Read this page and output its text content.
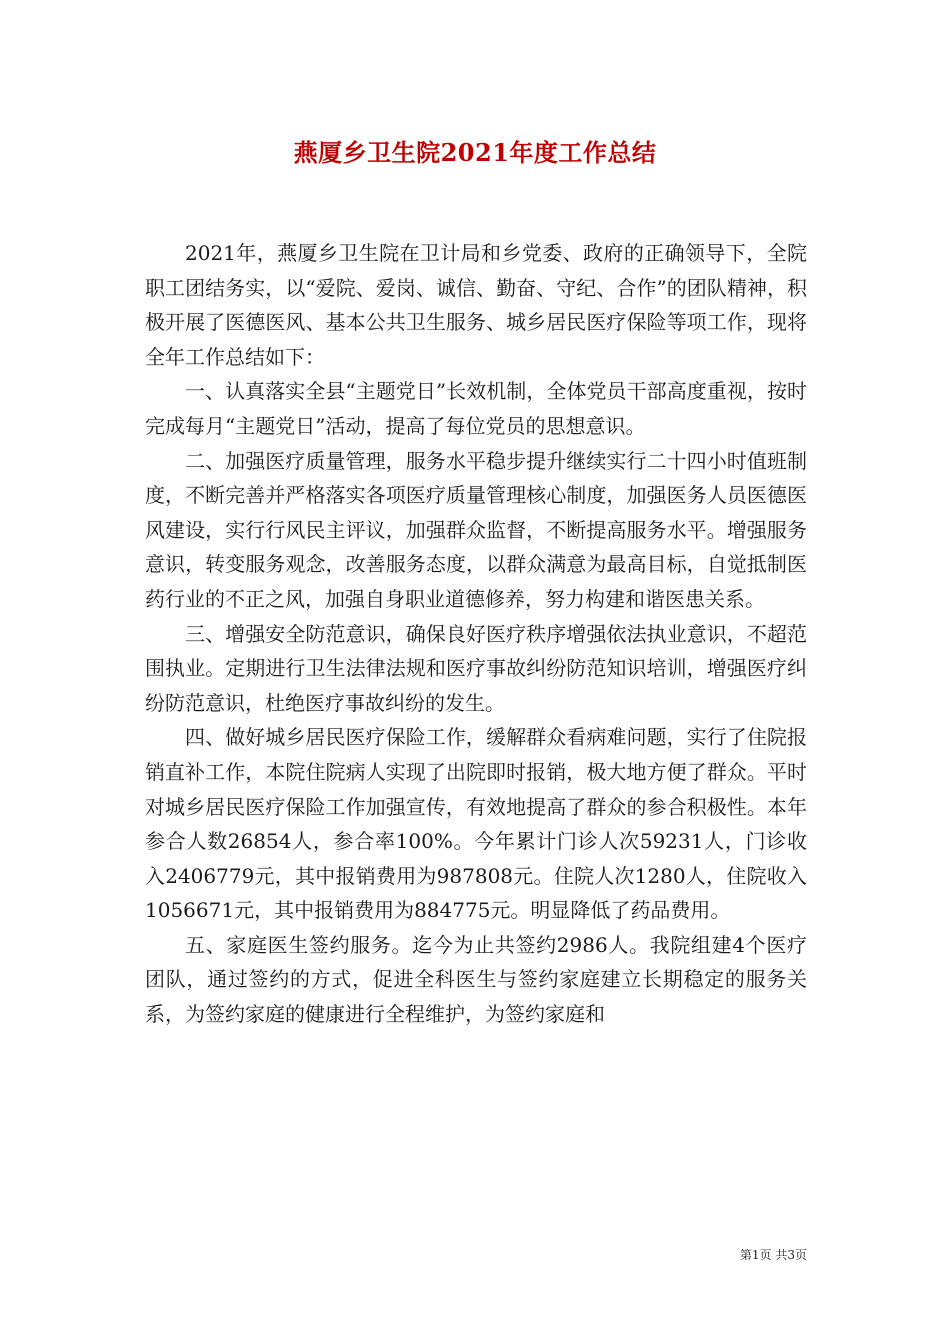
燕厦乡卫生院2021年度工作总结

2021年，燕厦乡卫生院在卫计局和乡党委、政府的正确领导下，全院职工团结务实，以“爱院、爱岗、诚信、勤奋、守纪、合作”的团队精神，积极开展了医德医风、基本公共卫生服务、城乡居民医疗保险等项工作，现将全年工作总结如下：

一、认真落实全县“主题党日”长效机制，全体党员干部高度重视，按时完成每月“主题党日”活动，提高了每位党员的思想意识。

二、加强医疗质量管理，服务水平稳步提升继续实行二十四小时值班制度，不断完善并严格落实各项医疗质量管理核心制度，加强医务人员医德医风建设，实行行风民主评议，加强群众监督，不断提高服务水平。增强服务意识，转变服务观念，改善服务态度，以群众满意为最高目标，自觉抵制医药行业的不正之风，加强自身职业道德修养，努力构建和谐医患关系。

三、增强安全防范意识，确保良好医疗秩序增强依法执业意识，不超范围执业。定期进行卫生法律法规和医疗事故纠纷防范知识培训，增强医疗纠纷防范意识，杜绝医疗事故纠纷的发生。

四、做好城乡居民医疗保险工作，缓解群众看病难问题，实行了住院报销直补工作，本院住院病人实现了出院即时报销，极大地方便了群众。平时对城乡居民医疗保险工作加强宣传，有效地提高了群众的参合积极性。本年参合人数26854人，参合率100%。今年累计门诊人次59231人，门诊收入2406779元，其中报销费用为987808元。住院人次1280人，住院收入1056671元，其中报销费用为884775元。明显降低了药品费用。

五、家庭医生签约服务。迄今为止共签约2986人。我院组建4个医疗团队，通过签约的方式，促进全科医生与签约家庭建立长期稳定的服务关系，为签约家庭的健康进行全程维护，为签约家庭和

第1页 共3页
